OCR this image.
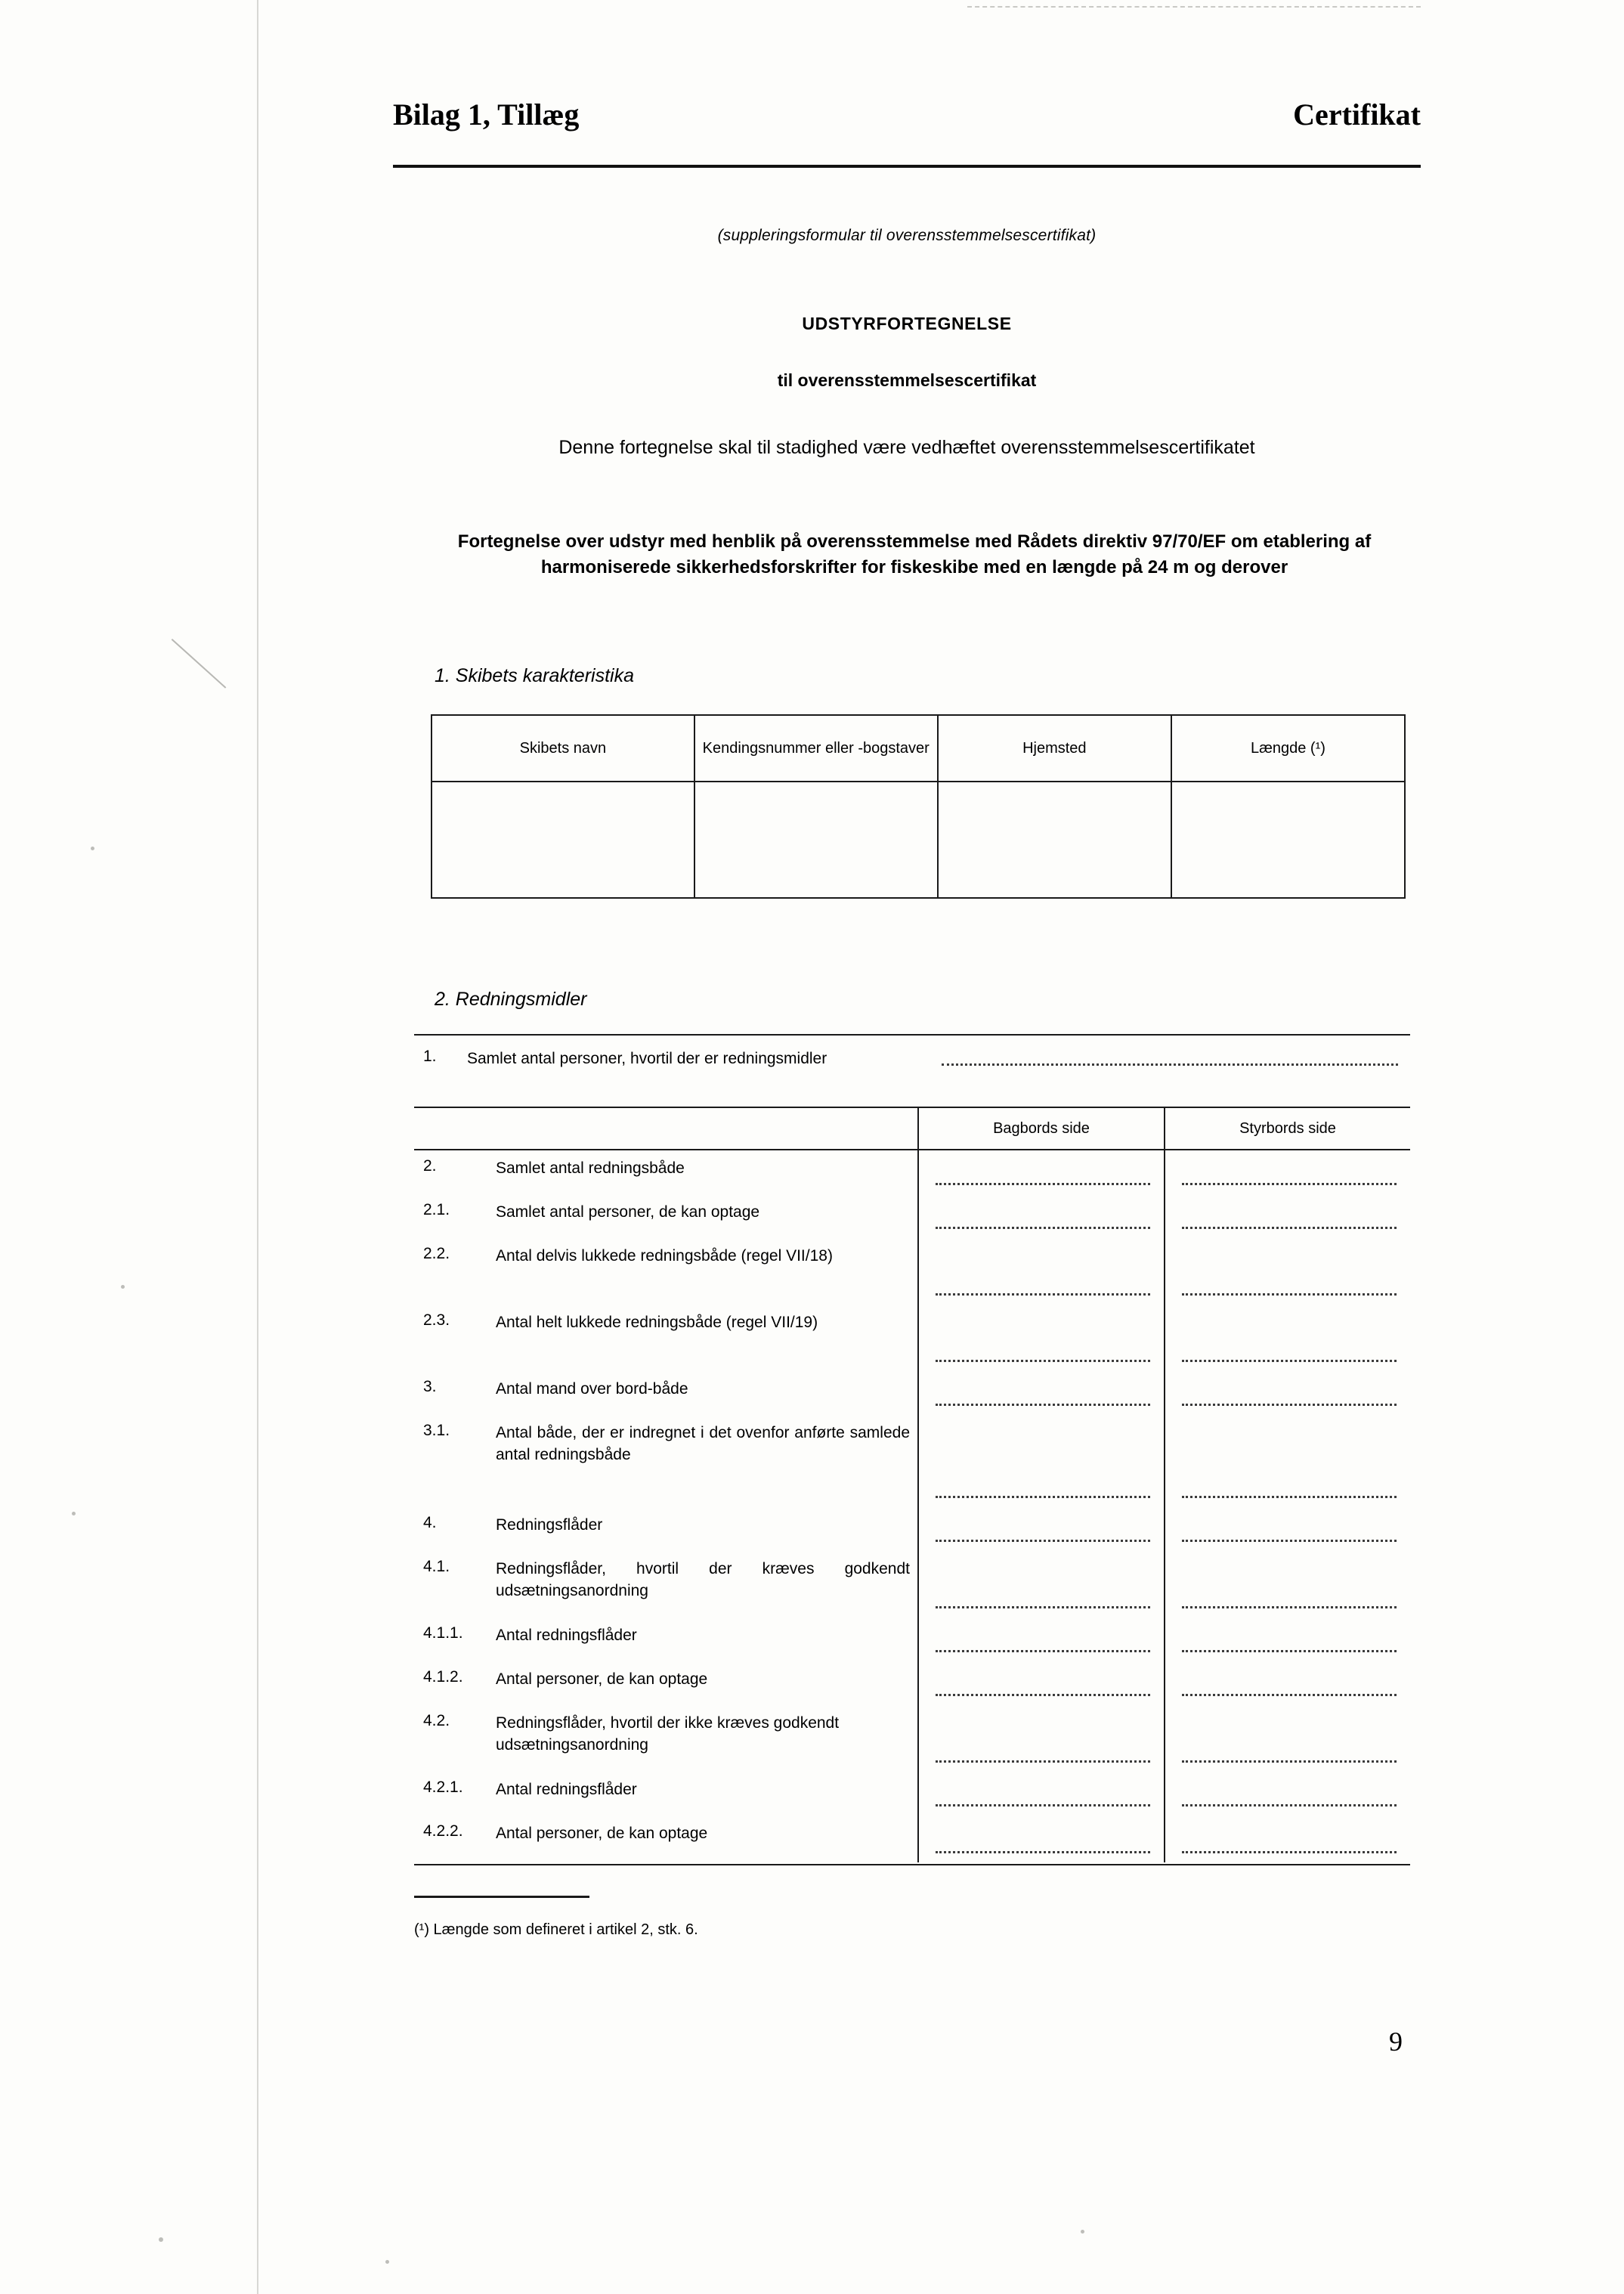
Bilag 1, Tillæg	Certifikat
(suppleringsformular til overensstemmelsescertifikat)
UDSTYRFORTEGNELSE
til overensstemmelsescertifikat
Denne fortegnelse skal til stadighed være vedhæftet overensstemmelsescertifikatet
Fortegnelse over udstyr med henblik på overensstemmelse med Rådets direktiv 97/70/EF om etablering af harmoniserede sikkerhedsforskrifter for fiskeskibe med en længde på 24 m og derover
1. Skibets karakteristika
Skibets navn	Kendingsnummer eller -bogstaver	Hjemsted	Længde (¹)

2. Redningsmidler
1.	Samlet antal personer, hvortil der er redningsmidler
Bagbords side	Styrbords side
2.	Samlet antal redningsbåde
2.1.	Samlet antal personer, de kan optage
2.2.	Antal delvis lukkede redningsbåde (regel VII/18)
2.3.	Antal helt lukkede redningsbåde (regel VII/19)
3.	Antal mand over bord-både
3.1.	Antal både, der er indregnet i det ovenfor anførte samlede antal redningsbåde
4.	Redningsflåder
4.1.	Redningsflåder, hvortil der kræves godkendt udsætningsanordning
4.1.1.	Antal redningsflåder
4.1.2.	Antal personer, de kan optage
4.2.	Redningsflåder, hvortil der ikke kræves godkendt udsætningsanordning
4.2.1.	Antal redningsflåder
4.2.2.	Antal personer, de kan optage
(¹) Længde som defineret i artikel 2, stk. 6.
9
